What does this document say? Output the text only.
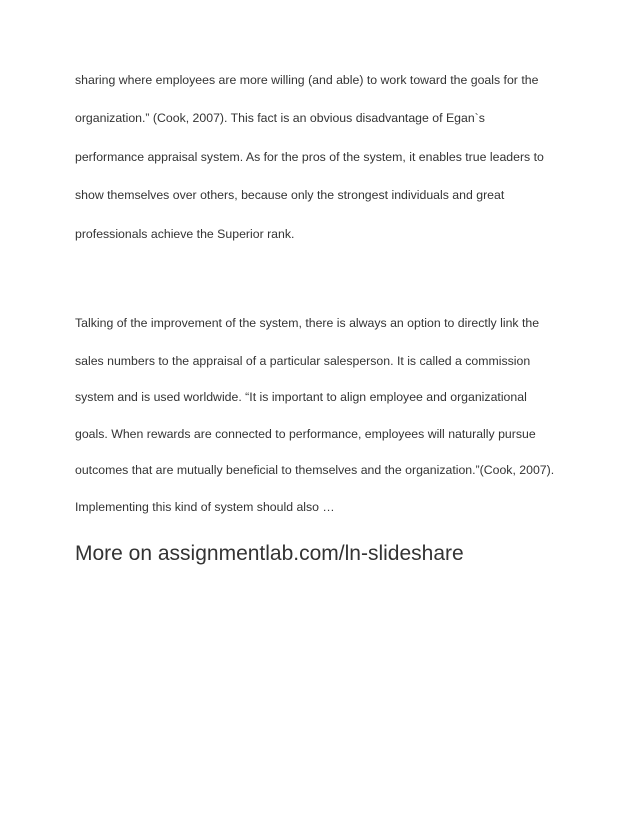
sharing where employees are more willing (and able) to work toward the goals for the

organization.” (Cook, 2007). This fact is an obvious disadvantage of Egan`s

performance appraisal system. As for the pros of the system, it enables true leaders to

show themselves over others, because only the strongest individuals and great

professionals achieve the Superior rank.

Talking of the improvement of the system, there is always an option to directly link the

sales numbers to the appraisal of a particular salesperson. It is called a commission

system and is used worldwide. “It is important to align employee and organizational

goals. When rewards are connected to performance, employees will naturally pursue

outcomes that are mutually beneficial to themselves and the organization.”(Cook, 2007).

Implementing this kind of system should also …

More on assignmentlab.com/ln-slideshare
